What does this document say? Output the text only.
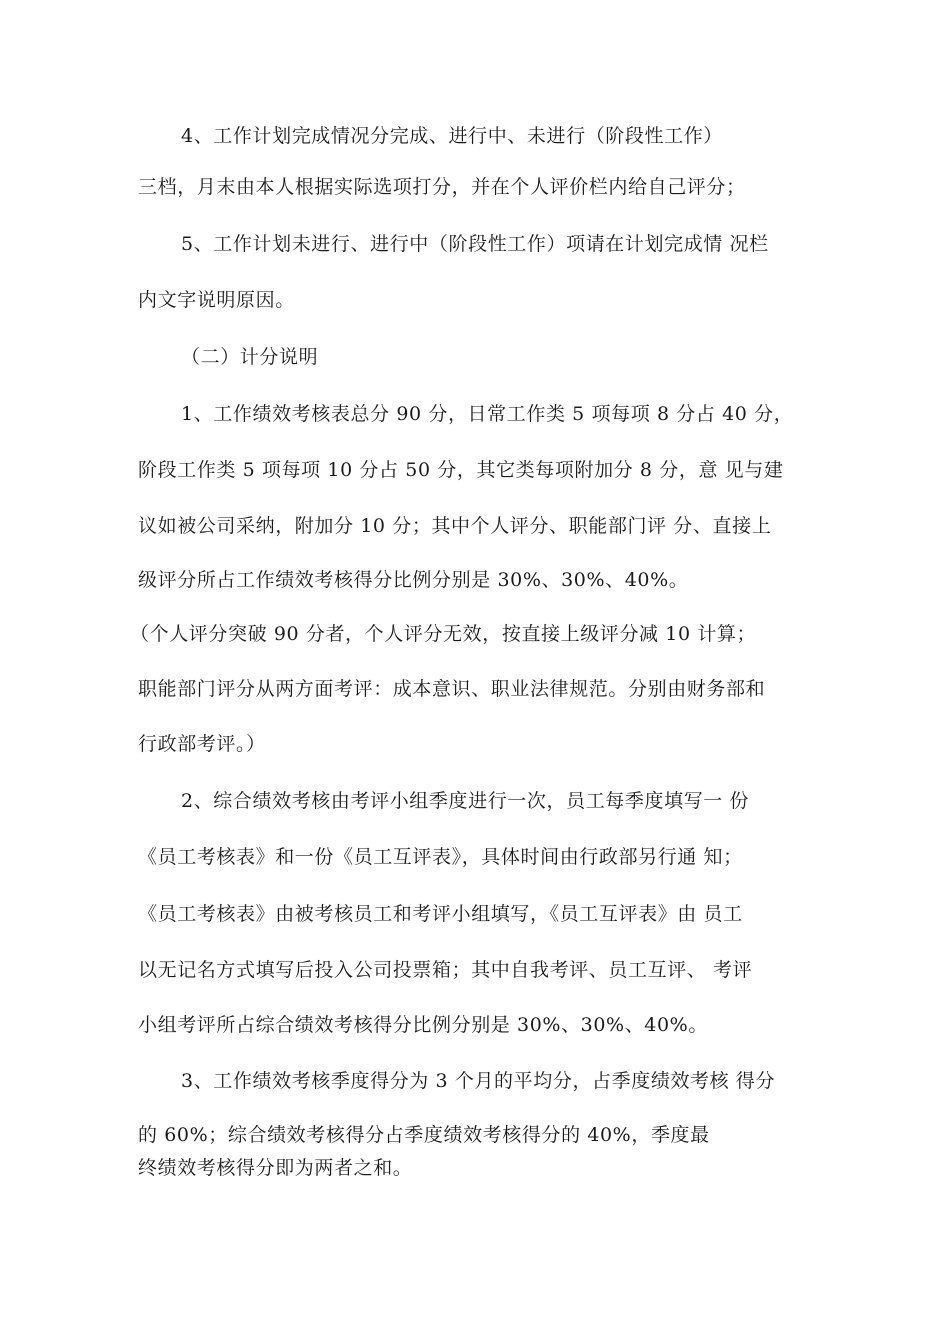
4、工作计划完成情况分完成、进行中、未进行（阶段性工作）
三档，月末由本人根据实际选项打分，并在个人评价栏内给自己评分；
5、工作计划未进行、进行中（阶段性工作）项请在计划完成情 况栏
内文字说明原因。
（二）计分说明
1、工作绩效考核表总分 90 分，日常工作类 5 项每项 8 分占 40 分，
阶段工作类 5 项每项 10 分占 50 分，其它类每项附加分 8 分，意 见与建
议如被公司采纳，附加分 10 分；其中个人评分、职能部门评 分、直接上
级评分所占工作绩效考核得分比例分别是 30%、30%、40%。
（个人评分突破 90 分者，个人评分无效，按直接上级评分减 10 计算；
职能部门评分从两方面考评：成本意识、职业法律规范。分别由财务部和
行政部考评。）
2、综合绩效考核由考评小组季度进行一次，员工每季度填写一 份
《员工考核表》和一份《员工互评表》，具体时间由行政部另行通 知；
《员工考核表》由被考核员工和考评小组填写，《员工互评表》由 员工
以无记名方式填写后投入公司投票箱；其中自我考评、员工互评、 考评
小组考评所占综合绩效考核得分比例分别是 30%、30%、40%。
3、工作绩效考核季度得分为 3 个月的平均分，占季度绩效考核 得分
的 60%；综合绩效考核得分占季度绩效考核得分的 40%，季度最
终绩效考核得分即为两者之和。
